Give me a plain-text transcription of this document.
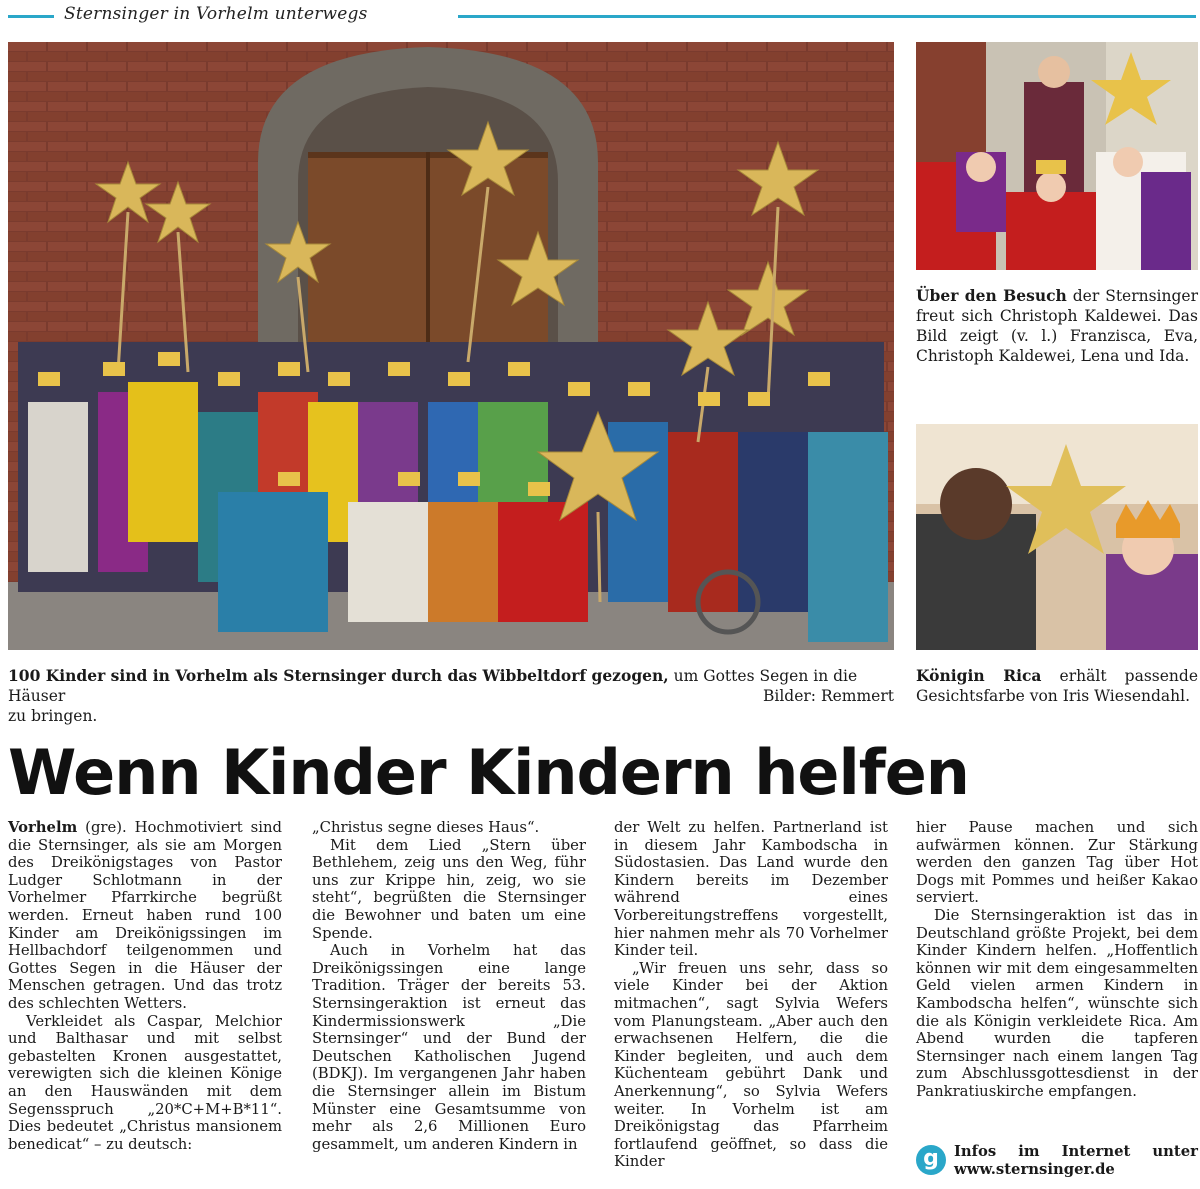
Sternsinger in Vorhelm unterwegs
100 Kinder sind in Vorhelm als Sternsinger durch das Wibbeltdorf gezogen, um Gottes Segen in die Häuser
zu bringen.
Bilder: Remmert
Über den Besuch der Sternsinger freut sich Christoph Kaldewei. Das Bild zeigt (v. l.) Franzisca, Eva, Christoph Kaldewei, Lena und Ida.
Königin Rica erhält passende Gesichtsfarbe von Iris Wiesendahl.
Wenn Kinder Kindern helfen

Vorhelm (gre). Hochmotiviert sind die Sternsinger, als sie am Morgen des Dreikönigstages von Pastor Ludger Schlotmann in der Vorhelmer Pfarrkirche begrüßt werden. Erneut haben rund 100 Kinder am Dreikönigssingen im Hellbachdorf teilgenommen und Gottes Segen in die Häuser der Menschen getragen. Und das trotz des schlechten Wetters.

Verkleidet als Caspar, Melchior und Balthasar und mit selbst gebastelten Kronen ausgestattet, verewigten sich die kleinen Könige an den Hauswänden mit dem Segensspruch „20*C+M+B*11“. Dies bedeutet „Christus mansionem benedicat“ – zu deutsch:

„Christus segne dieses Haus“.

Mit dem Lied „Stern über Bethlehem, zeig uns den Weg, führ uns zur Krippe hin, zeig, wo sie steht“, begrüßten die Sternsinger die Bewohner und baten um eine Spende.

Auch in Vorhelm hat das Dreikönigssingen eine lange Tradition. Träger der bereits 53. Sternsingeraktion ist erneut das Kindermissionswerk „Die Sternsinger“ und der Bund der Deutschen Katholischen Jugend (BDKJ). Im vergangenen Jahr haben die Sternsinger allein im Bistum Münster eine Gesamtsumme von mehr als 2,6 Millionen Euro gesammelt, um anderen Kindern in

der Welt zu helfen. Partnerland ist in diesem Jahr Kambodscha in Südostasien. Das Land wurde den Kindern bereits im Dezember während eines Vorbereitungstreffens vorgestellt, hier nahmen mehr als 70 Vorhelmer Kinder teil.

„Wir freuen uns sehr, dass so viele Kinder bei der Aktion mitmachen“, sagt Sylvia Wefers vom Planungsteam. „Aber auch den erwachsenen Helfern, die die Kinder begleiten, und auch dem Küchenteam gebührt Dank und Anerkennung“, so Sylvia Wefers weiter. In Vorhelm ist am Dreikönigstag das Pfarrheim fortlaufend geöffnet, so dass die Kinder

hier Pause machen und sich aufwärmen können. Zur Stärkung werden den ganzen Tag über Hot Dogs mit Pommes und heißer Kakao serviert.

Die Sternsingeraktion ist das in Deutschland größte Projekt, bei dem Kinder Kindern helfen. „Hoffentlich können wir mit dem eingesammelten Geld vielen armen Kindern in Kambodscha helfen“, wünschte sich die als Königin verkleidete Rica. Am Abend wurden die tapferen Sternsinger nach einem langen Tag zum Abschlussgottesdienst in der Pankratiuskirche empfangen.

g	Infos im Internet unter
www.sternsinger.de
